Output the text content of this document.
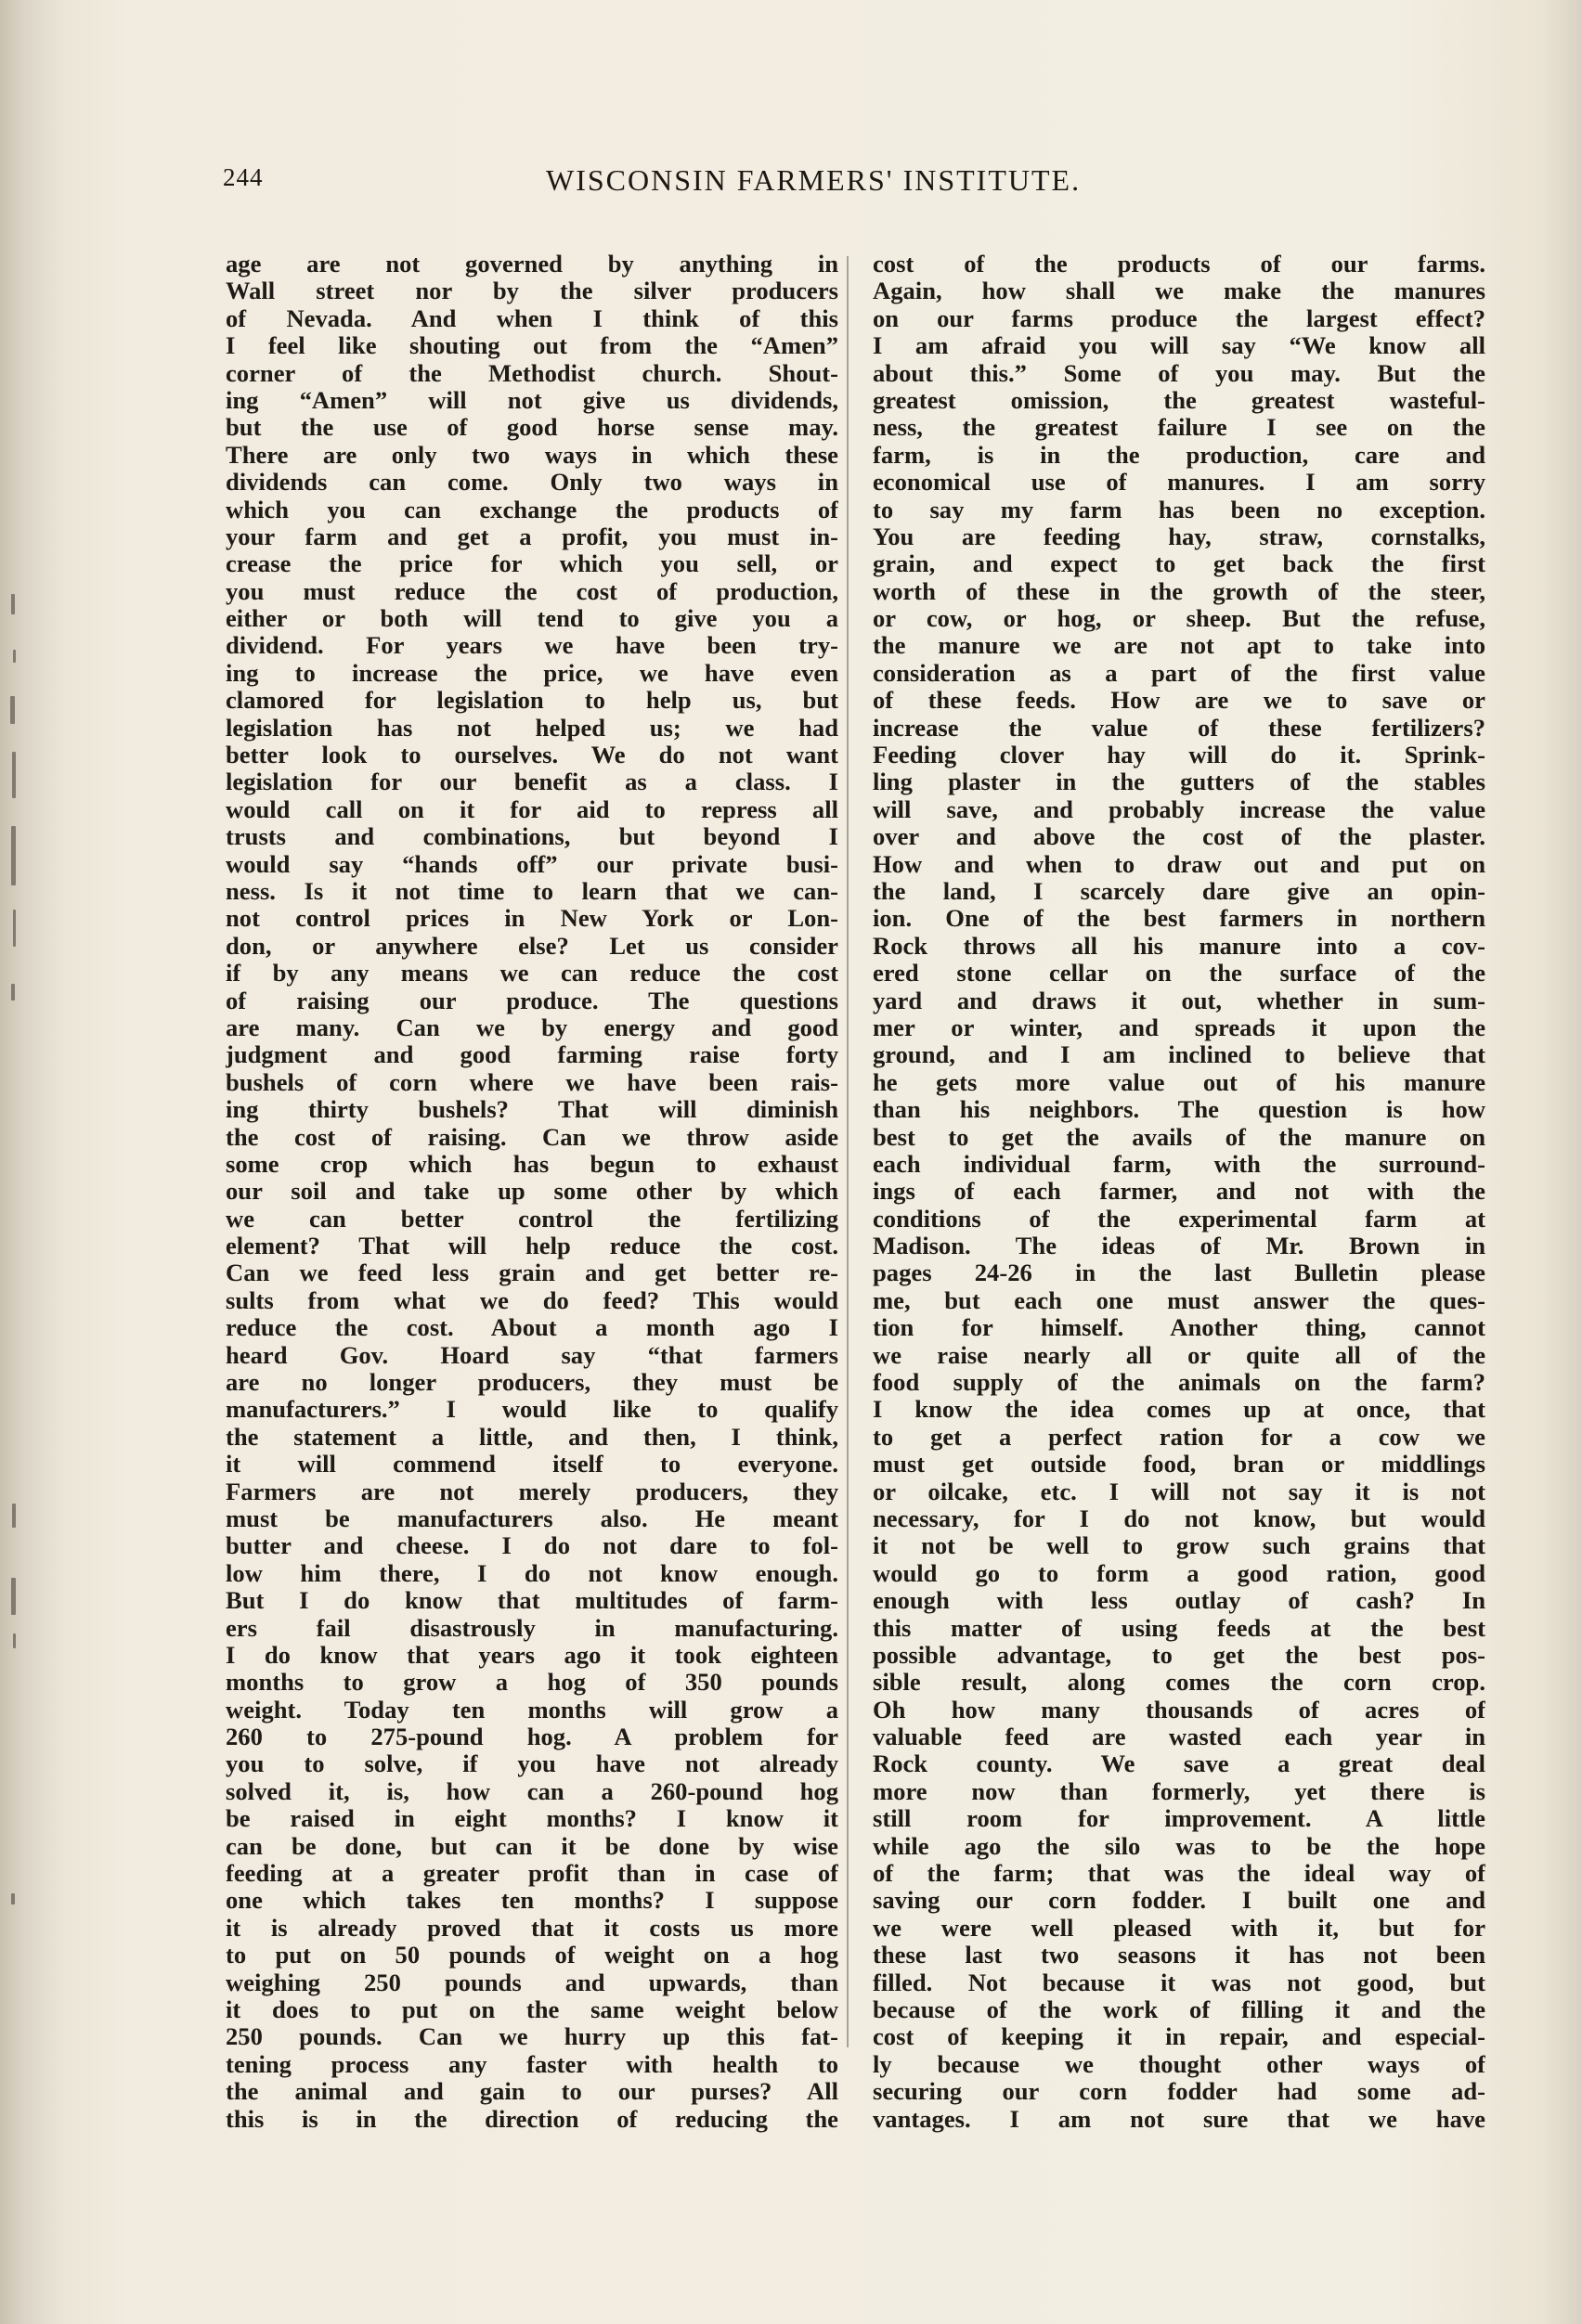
244	WISCONSIN FARMERS' INSTITUTE.
age are not governed by anything in
Wall street nor by the silver producers
of Nevada. And when I think of this
I feel like shouting out from the “Amen”
corner of the Methodist church. Shout-
ing “Amen” will not give us dividends,
but the use of good horse sense may.
There are only two ways in which these
dividends can come. Only two ways in
which you can exchange the products of
your farm and get a profit, you must in-
crease the price for which you sell, or
you must reduce the cost of production,
either or both will tend to give you a
dividend. For years we have been try-
ing to increase the price, we have even
clamored for legislation to help us, but
legislation has not helped us; we had
better look to ourselves. We do not want
legislation for our benefit as a class. I
would call on it for aid to repress all
trusts and combinations, but beyond I
would say “hands off” our private busi-
ness. Is it not time to learn that we can-
not control prices in New York or Lon-
don, or anywhere else? Let us consider
if by any means we can reduce the cost
of raising our produce. The questions
are many. Can we by energy and good
judgment and good farming raise forty
bushels of corn where we have been rais-
ing thirty bushels? That will diminish
the cost of raising. Can we throw aside
some crop which has begun to exhaust
our soil and take up some other by which
we can better control the fertilizing
element? That will help reduce the cost.
Can we feed less grain and get better re-
sults from what we do feed? This would
reduce the cost. About a month ago I
heard Gov. Hoard say “that farmers
are no longer producers, they must be
manufacturers.” I would like to qualify
the statement a little, and then, I think,
it will commend itself to everyone.
Farmers are not merely producers, they
must be manufacturers also. He meant
butter and cheese. I do not dare to fol-
low him there, I do not know enough.
But I do know that multitudes of farm-
ers fail disastrously in manufacturing.
I do know that years ago it took eighteen
months to grow a hog of 350 pounds
weight. Today ten months will grow a
260 to 275-pound hog. A problem for
you to solve, if you have not already
solved it, is, how can a 260-pound hog
be raised in eight months? I know it
can be done, but can it be done by wise
feeding at a greater profit than in case of
one which takes ten months? I suppose
it is already proved that it costs us more
to put on 50 pounds of weight on a hog
weighing 250 pounds and upwards, than
it does to put on the same weight below
250 pounds. Can we hurry up this fat-
tening process any faster with health to
the animal and gain to our purses? All
this is in the direction of reducing the
cost of the products of our farms.
Again, how shall we make the manures
on our farms produce the largest effect?
I am afraid you will say “We know all
about this.” Some of you may. But the
greatest omission, the greatest wasteful-
ness, the greatest failure I see on the
farm, is in the production, care and
economical use of manures. I am sorry
to say my farm has been no exception.
You are feeding hay, straw, cornstalks,
grain, and expect to get back the first
worth of these in the growth of the steer,
or cow, or hog, or sheep. But the refuse,
the manure we are not apt to take into
consideration as a part of the first value
of these feeds. How are we to save or
increase the value of these fertilizers?
Feeding clover hay will do it. Sprink-
ling plaster in the gutters of the stables
will save, and probably increase the value
over and above the cost of the plaster.
How and when to draw out and put on
the land, I scarcely dare give an opin-
ion. One of the best farmers in northern
Rock throws all his manure into a cov-
ered stone cellar on the surface of the
yard and draws it out, whether in sum-
mer or winter, and spreads it upon the
ground, and I am inclined to believe that
he gets more value out of his manure
than his neighbors. The question is how
best to get the avails of the manure on
each individual farm, with the surround-
ings of each farmer, and not with the
conditions of the experimental farm at
Madison. The ideas of Mr. Brown in
pages 24-26 in the last Bulletin please
me, but each one must answer the ques-
tion for himself. Another thing, cannot
we raise nearly all or quite all of the
food supply of the animals on the farm?
I know the idea comes up at once, that
to get a perfect ration for a cow we
must get outside food, bran or middlings
or oilcake, etc. I will not say it is not
necessary, for I do not know, but would
it not be well to grow such grains that
would go to form a good ration, good
enough with less outlay of cash? In
this matter of using feeds at the best
possible advantage, to get the best pos-
sible result, along comes the corn crop.
Oh how many thousands of acres of
valuable feed are wasted each year in
Rock county. We save a great deal
more now than formerly, yet there is
still room for improvement. A little
while ago the silo was to be the hope
of the farm; that was the ideal way of
saving our corn fodder. I built one and
we were well pleased with it, but for
these last two seasons it has not been
filled. Not because it was not good, but
because of the work of filling it and the
cost of keeping it in repair, and especial-
ly because we thought other ways of
securing our corn fodder had some ad-
vantages. I am not sure that we have
